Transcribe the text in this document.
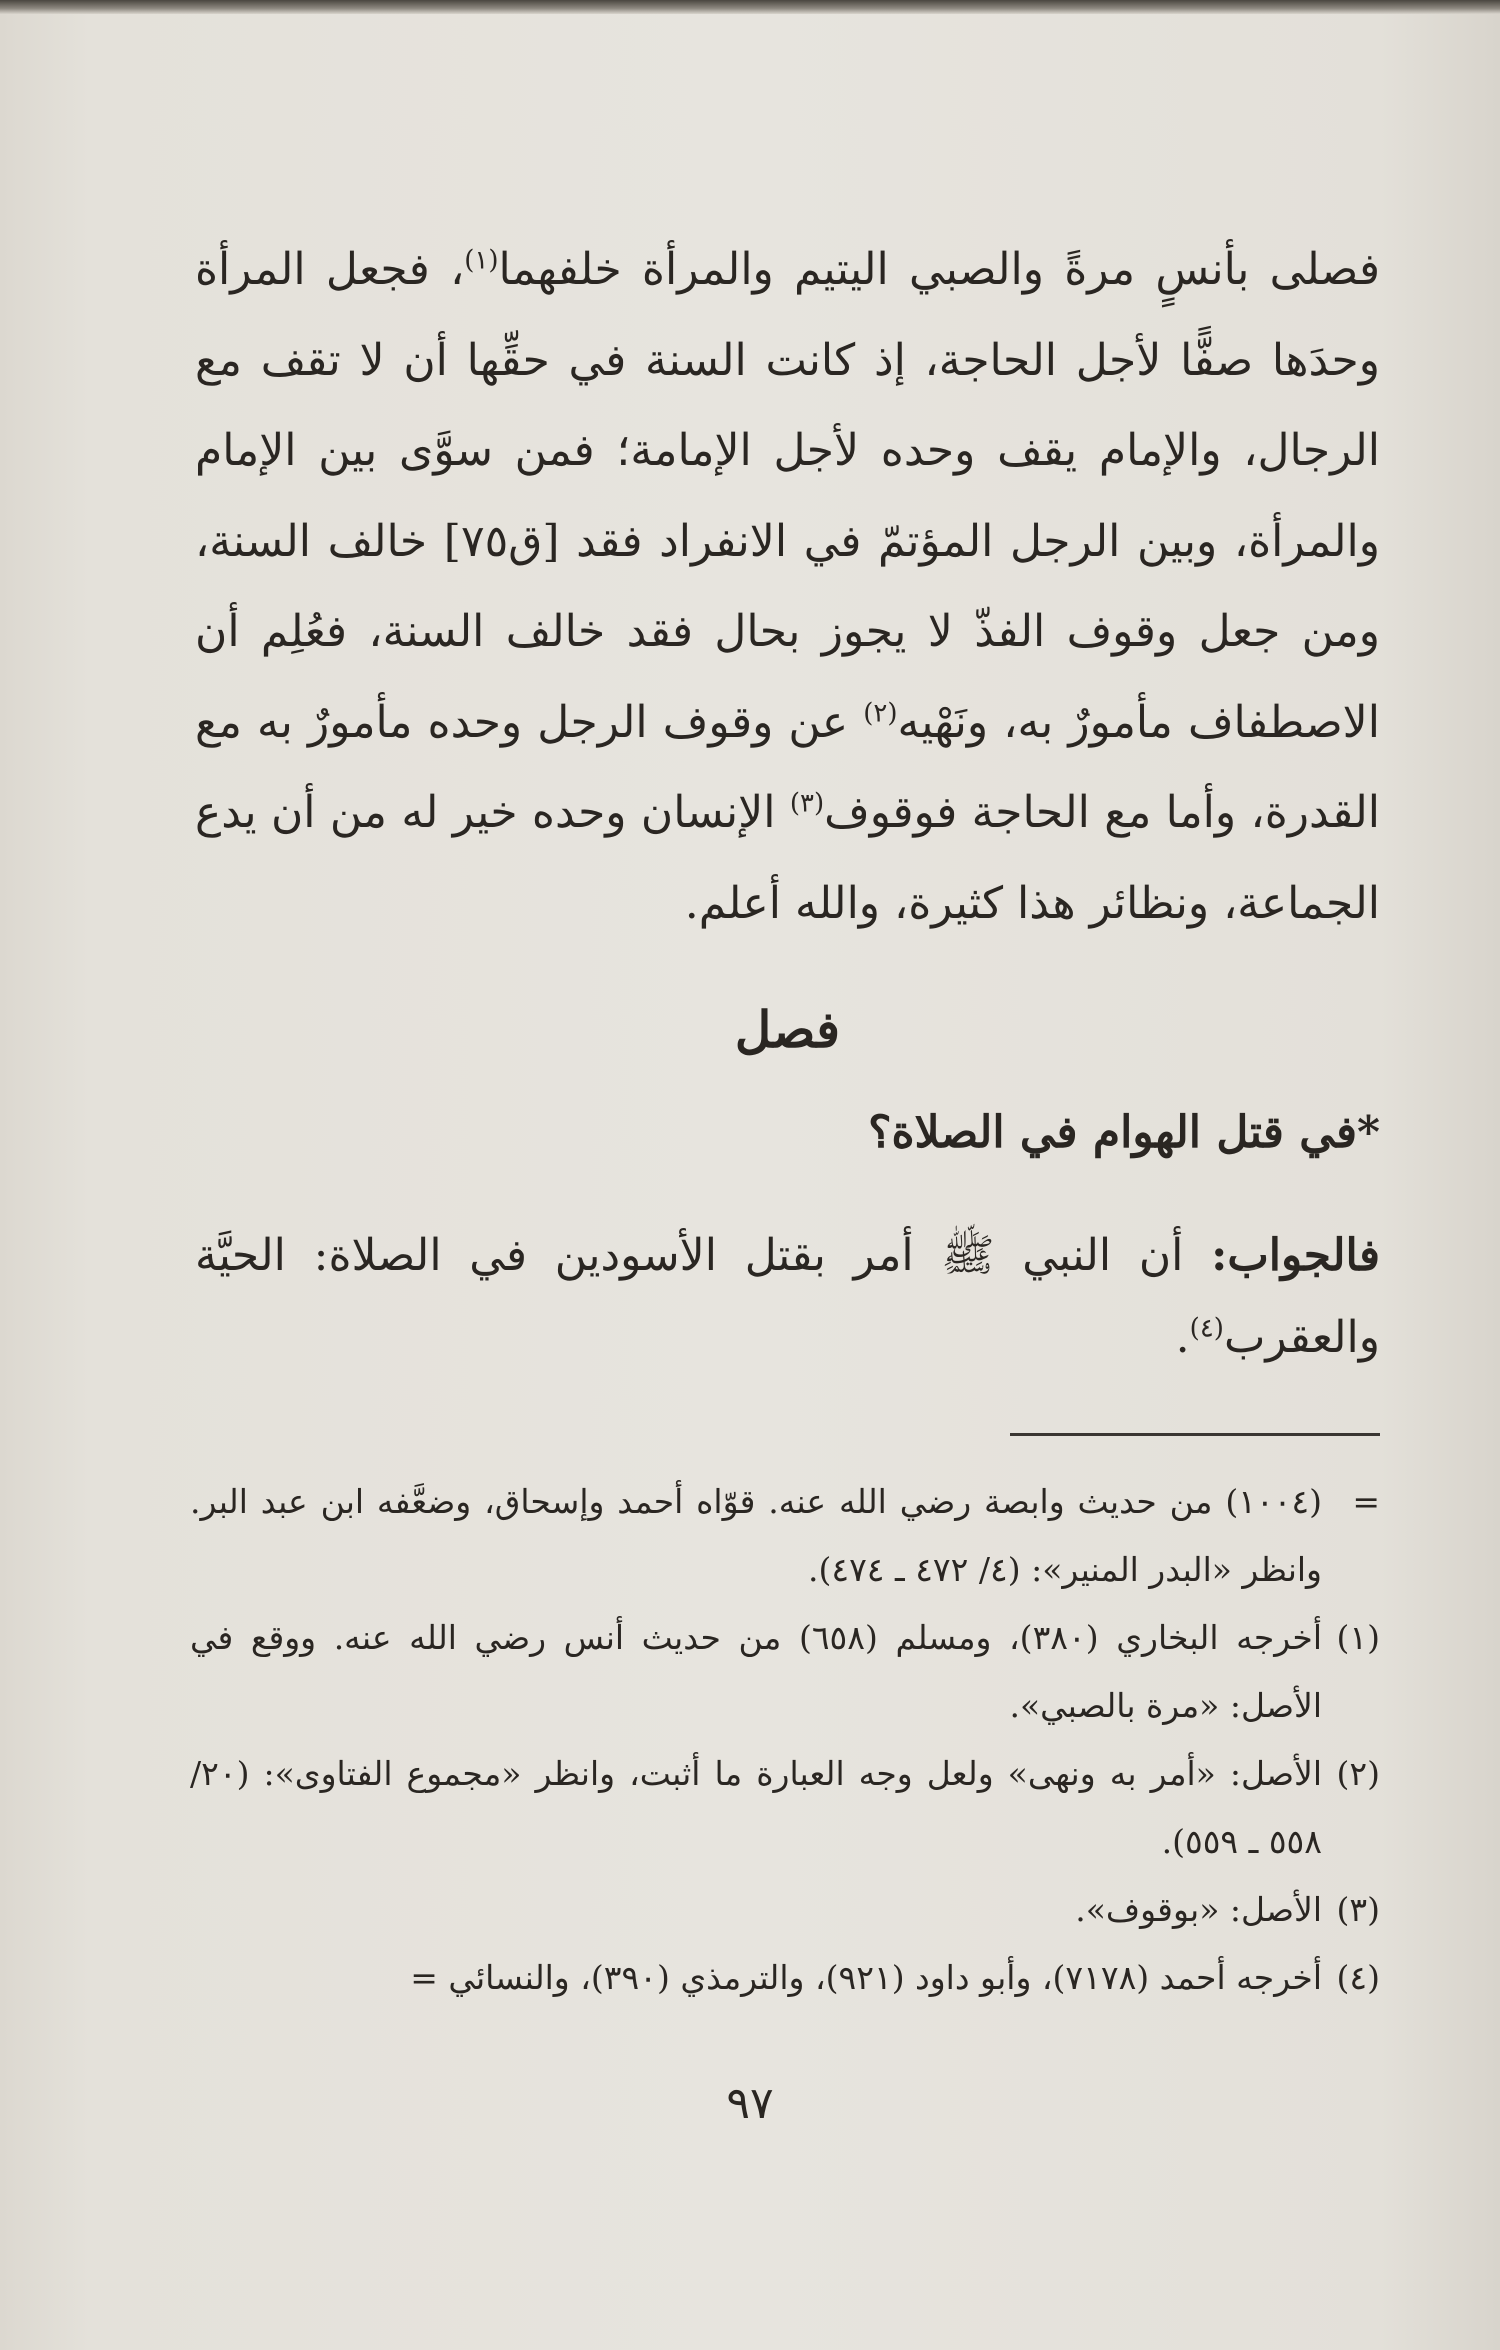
فصلى بأنسٍ مرةً والصبي اليتيم والمرأة خلفهما$^{(١)}$، فجعل المرأة وحدَها صفًّا لأجل الحاجة، إذ كانت السنة في حقِّها أن لا تقف مع الرجال، والإمام يقف وحده لأجل الإمامة؛ فمن سوَّى بين الإمام والمرأة، وبين الرجل المؤتمّ في الانفراد فقد [ق٧٥] خالف السنة، ومن جعل وقوف الفذّ لا يجوز بحال فقد خالف السنة، فعُلِم أن الاصطفاف مأمورٌ به، ونَهْيه$^{(٢)}$ عن وقوف الرجل وحده مأمورٌ به مع القدرة، وأما مع الحاجة فوقوف$^{(٣)}$ الإنسان وحده خير له من أن يدع الجماعة، ونظائر هذا كثيرة، والله أعلم.

فصل
*في قتل الهوام في الصلاة؟
فالجواب: أن النبي ﷺ أمر بقتل الأسودين في الصلاة: الحيَّة والعقرب$^{(٤)}$.
=
(١٠٠٤) من حديث وابصة رضي الله عنه. قوّاه أحمد وإسحاق، وضعَّفه ابن عبد البر. وانظر «البدر المنير»: (٤/ ٤٧٢ ـ ٤٧٤).
(١)
أخرجه البخاري (٣٨٠)، ومسلم (٦٥٨) من حديث أنس رضي الله عنه. ووقع في الأصل: «مرة بالصبي».
(٢)
الأصل: «أمر به ونهى» ولعل وجه العبارة ما أثبت، وانظر «مجموع الفتاوى»: (٢٠/ ٥٥٨ ـ ٥٥٩).
(٣)
الأصل: «بوقوف».
(٤)
أخرجه أحمد (٧١٧٨)، وأبو داود (٩٢١)، والترمذي (٣٩٠)، والنسائي =
٩٧
